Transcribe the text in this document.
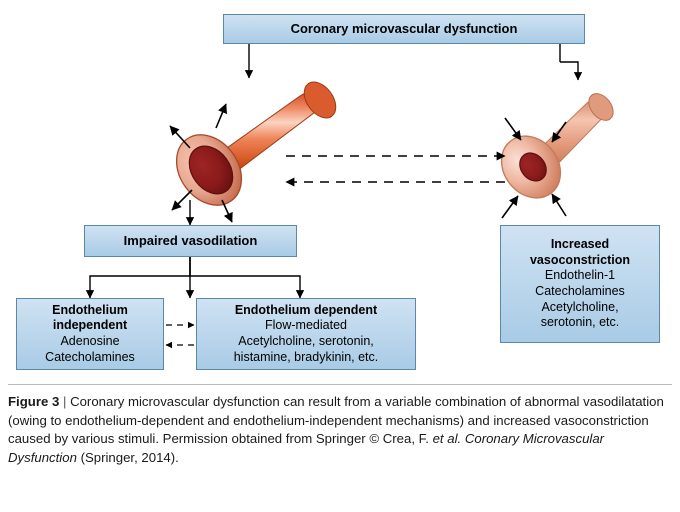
Coronary microvascular dysfunction
Impaired vasodilation
Endothelium
independent
Adenosine
Catecholamines
Endothelium dependent
Flow-mediated
Acetylcholine, serotonin,
histamine, bradykinin, etc.
Increased
vasoconstriction
Endothelin-1
Catecholamines
Acetylcholine,
serotonin, etc.
Figure 3 | Coronary microvascular dysfunction can result from a variable combination of abnormal vasodilatation (owing to endothelium-dependent and endothelium-independent mechanisms) and increased vasoconstriction caused by various stimuli. Permission obtained from Springer © Crea, F. et al. Coronary Microvascular Dysfunction (Springer, 2014).
